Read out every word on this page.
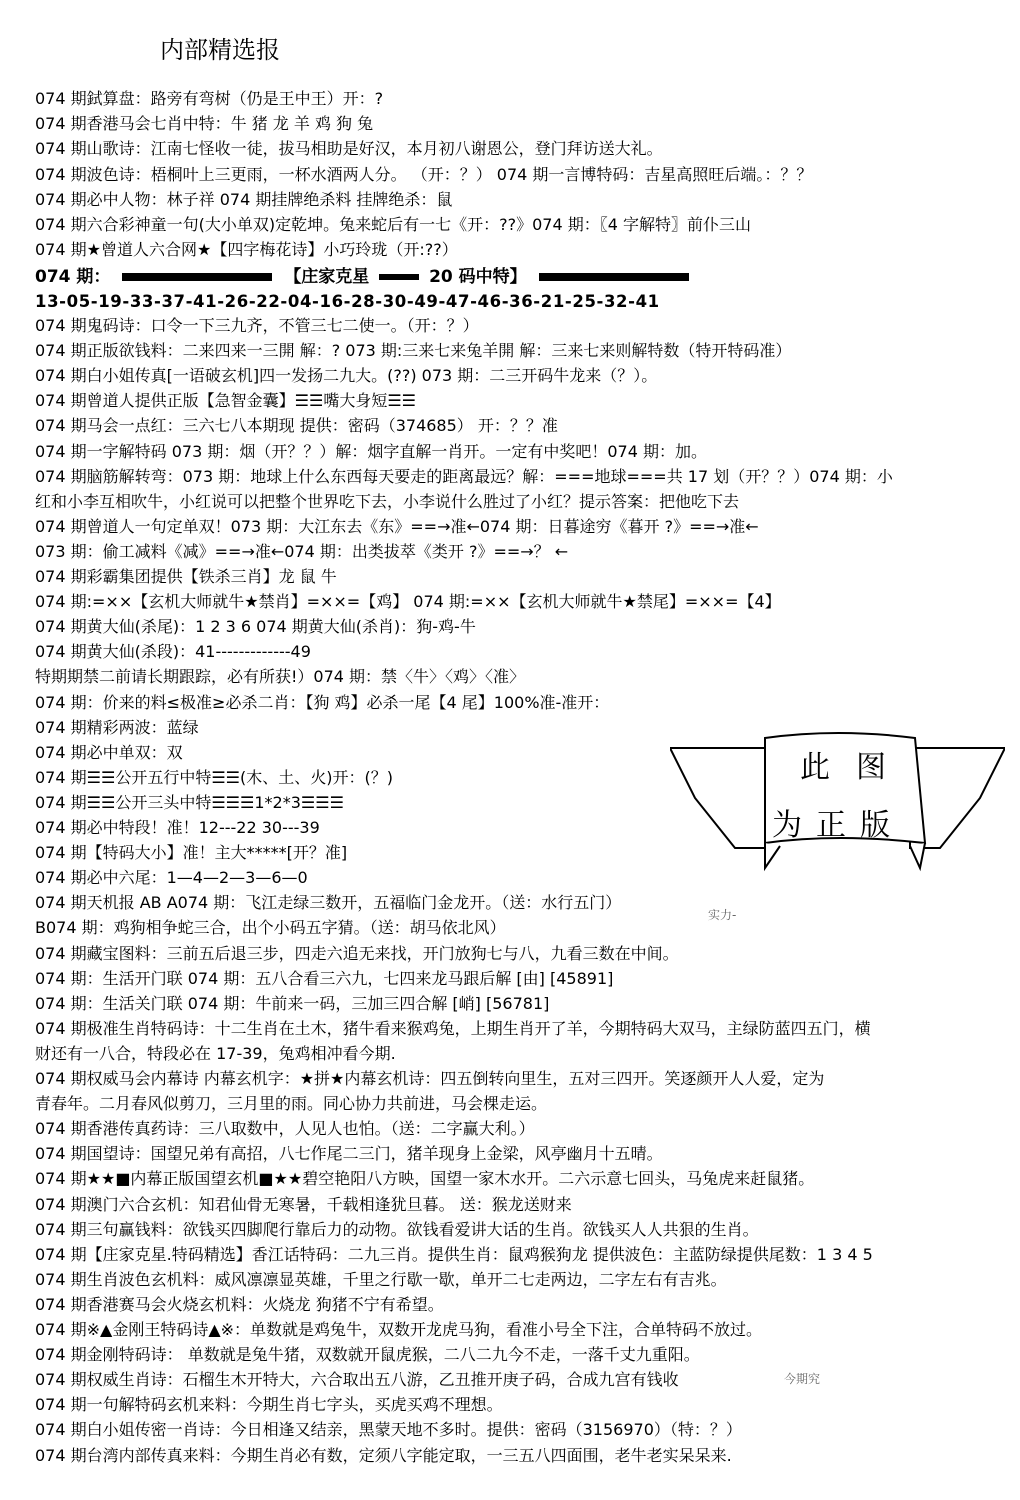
内部精选报
074 期鉽算盘：路旁有弯树（仍是王中王）开：?
074 期香港马会七肖中特：牛 猪 龙 羊 鸡 狗 兔
074 期山歌诗：江南七怪收一徒，拔马相助是好汉，本月初八谢恩公，登门拜访送大礼。
074 期波色诗：梧桐叶上三更雨，一杯水酒两人分。 （开：？） 074 期一言博特码：吉星高照旺后端。：？？
074 期必中人物：林子祥 074 期挂牌绝杀料 挂牌绝杀：鼠
074 期六合彩神童一句(大小单双)定乾坤。兔来蛇后有一七《开：??》074 期：〖4 字解特〗前仆三山
074 期★曾道人六合网★【四字梅花诗】小巧玲珑（开:??）
074 期：	【庄家克星	20 码中特】
13-05-19-33-37-41-26-22-04-16-28-30-49-47-46-36-21-25-32-41
074 期鬼码诗：口令一下三九齐，不管三七二使一。（开：？）
074 期正版欲钱料：二来四来一三開 解：? 073 期:三来七来兔羊開 解：三来七来则解特数（特开特码准）
074 期白小姐传真[一语破玄机]四一发扬二九大。(??) 073 期：二三开码牛龙来（？）。
074 期曾道人提供正版【急智金囊】☰☰嘴大身短☰☰
074 期马会一点红：三六七八本期现 提供：密码（374685） 开：？？准
074 期一字解特码 073 期：烟（开？？）解：烟字直解一肖开。一定有中奖吧！074 期：加。
074 期脑筋解转弯：073 期：地球上什么东西每天要走的距离最远？解：===地球===共 17 划（开？？）074 期：小
红和小李互相吹牛，小红说可以把整个世界吃下去，小李说什么胜过了小红？提示答案：把他吃下去
074 期曾道人一句定单双！073 期：大江东去《东》==→准←074 期：日暮途穷《暮开 ?》==→准←
073 期：偷工减料《减》==→准←074 期：出类拔萃《类开 ?》==→？ ←
074 期彩霸集团提供【铁杀三肖】龙 鼠 牛
074 期:=××【玄机大师就牛★禁肖】=××=【鸡】 074 期:=××【玄机大师就牛★禁尾】=××=【4】
074 期黄大仙(杀尾)：1 2 3 6 074 期黄大仙(杀肖)：狗-鸡-牛
074 期黄大仙(杀段)：41-------------49
特期期禁二前请长期跟踪，必有所获!）074 期：禁〈牛〉〈鸡〉〈准〉
074 期：价来的料≤极准≥必杀二肖：【狗 鸡】必杀一尾【4 尾】100%准-准开：
074 期精彩两波：蓝绿
074 期必中单双：双
074 期☰☰公开五行中特☰☰(木、土、火)开：(？)
074 期☰☰公开三头中特☰☰☰1*2*3☰☰☰
074 期必中特段！准！12---22 30---39
074 期【特码大小】准！主大*****[开？准]
074 期必中六尾：1—4—2—3—6—0
074 期天机报 AB A074 期：飞江走绿三数开，五福临门金龙开。（送：水行五门）
B074 期：鸡狗相争蛇三合，出个小码五字猜。（送：胡马依北风）
074 期藏宝图料：三前五后退三步，四走六追无来找，开门放狗七与八，九看三数在中间。
074 期：生活开门联 074 期：五八合看三六九，七四来龙马跟后解 [由] [45891]
074 期：生活关门联 074 期：牛前来一码，三加三四合解 [峭] [56781]
074 期极准生肖特码诗：十二生肖在土木，猪牛看来猴鸡兔，上期生肖开了羊，今期特码大双马，主绿防蓝四五门，横
财还有一八合，特段必在 17-39，兔鸡相冲看今期.
074 期权威马会内幕诗 内幕玄机字：★拼★内幕玄机诗：四五倒转向里生，五对三四开。笑逐颜开人人爱，定为
青春年。二月春风似剪刀，三月里的雨。同心协力共前进，马会棵走运。
074 期香港传真药诗：三八取数中，人见人也怕。（送：二字赢大利。）
074 期国望诗：国望兄弟有高招，八七作尾二三门，猪羊现身上金梁，风亭幽月十五晴。
074 期★★■内幕正版国望玄机■★★碧空艳阳八方映，国望一家木水开。二六示意七回头，马兔虎来赶鼠猪。
074 期澳门六合玄机：知君仙骨无寒暑，千载相逢犹旦暮。 送：猴龙送财来
074 期三句赢钱料：欲钱买四脚爬行靠后力的动物。欲钱看爱讲大话的生肖。欲钱买人人共狠的生肖。
074 期【庄家克星.特码精选】香江话特码：二九三肖。提供生肖：鼠鸡猴狗龙 提供波色：主蓝防绿提供尾数：1 3 4 5
074 期生肖波色玄机料：威风凛凛显英雄，千里之行歇一歇，单开二七走两边，二字左右有吉兆。
074 期香港赛马会火烧玄机料：火烧龙 狗猪不宁有希望。
074 期※▲金刚王特码诗▲※：单数就是鸡兔牛，双数开龙虎马狗，看准小号全下注，合单特码不放过。
074 期金刚特码诗： 单数就是兔牛猪，双数就开鼠虎猴，二八二九今不走，一落千丈九重阳。
074 期权威生肖诗：石榴生木开特大，六合取出五八游，乙丑推开庚子码，合成九宫有钱收
074 期一句解特码玄机来料：今期生肖七字头，买虎买鸡不理想。
074 期白小姐传密一肖诗：今日相逢又结亲，黑蒙天地不多时。提供：密码（3156970）（特：？）
074 期台湾内部传真来料：今期生肖必有数，定须八字能定取，一三五八四面围，老牛老实呆呆来.
此图
为正版
实力-
今期究
